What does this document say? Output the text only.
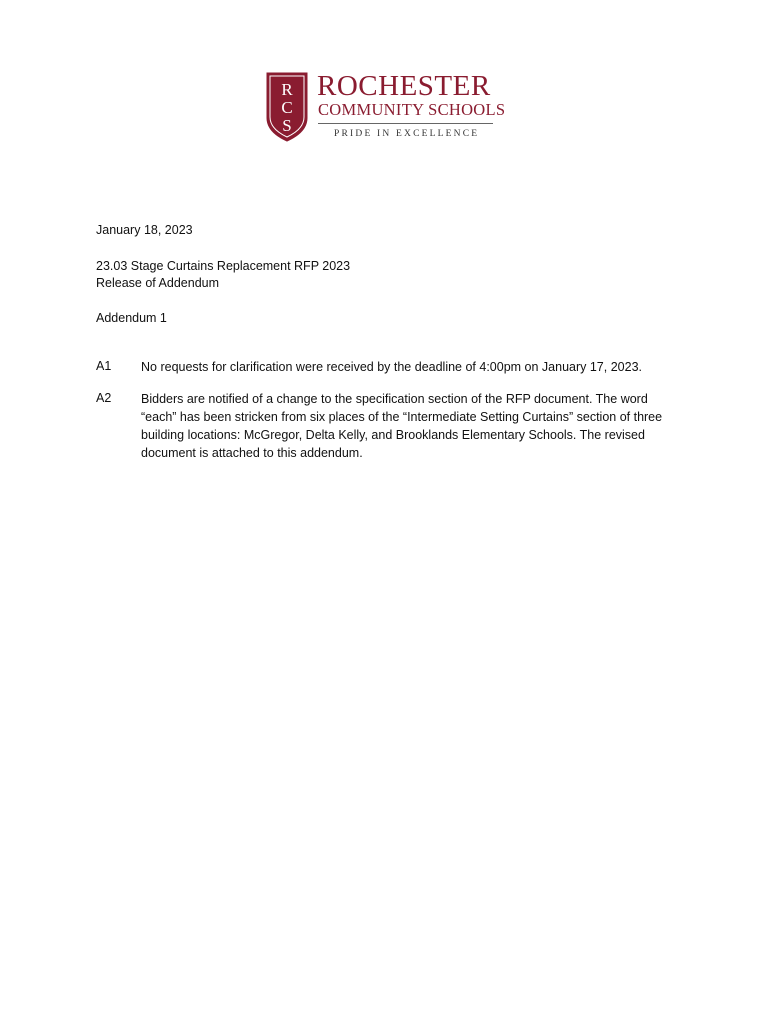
R
C
S
ROCHESTER
COMMUNITY SCHOOLS
PRIDE IN EXCELLENCE
January 18, 2023
23.03 Stage Curtains Replacement RFP 2023
Release of Addendum
Addendum 1
A1 No requests for clarification were received by the deadline of 4:00pm on January 17, 2023.
A2 Bidders are notified of a change to the specification section of the RFP document. The word “each” has been stricken from six places of the “Intermediate Setting Curtains” section of three building locations: McGregor, Delta Kelly, and Brooklands Elementary Schools. The revised document is attached to this addendum.
